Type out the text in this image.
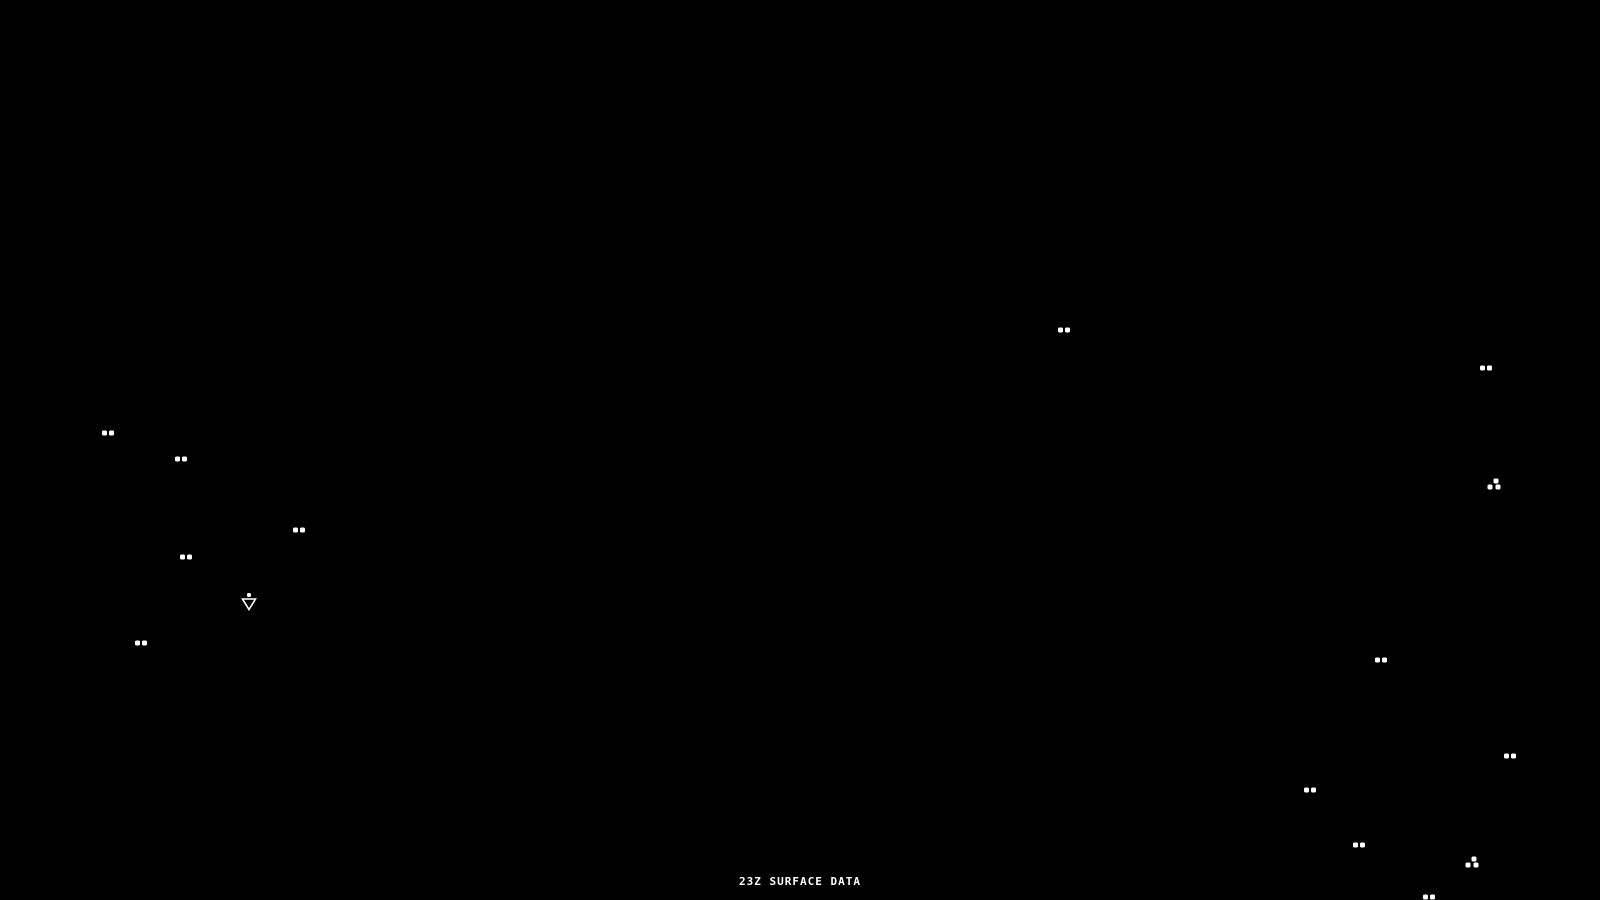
23Z SURFACE DATA
